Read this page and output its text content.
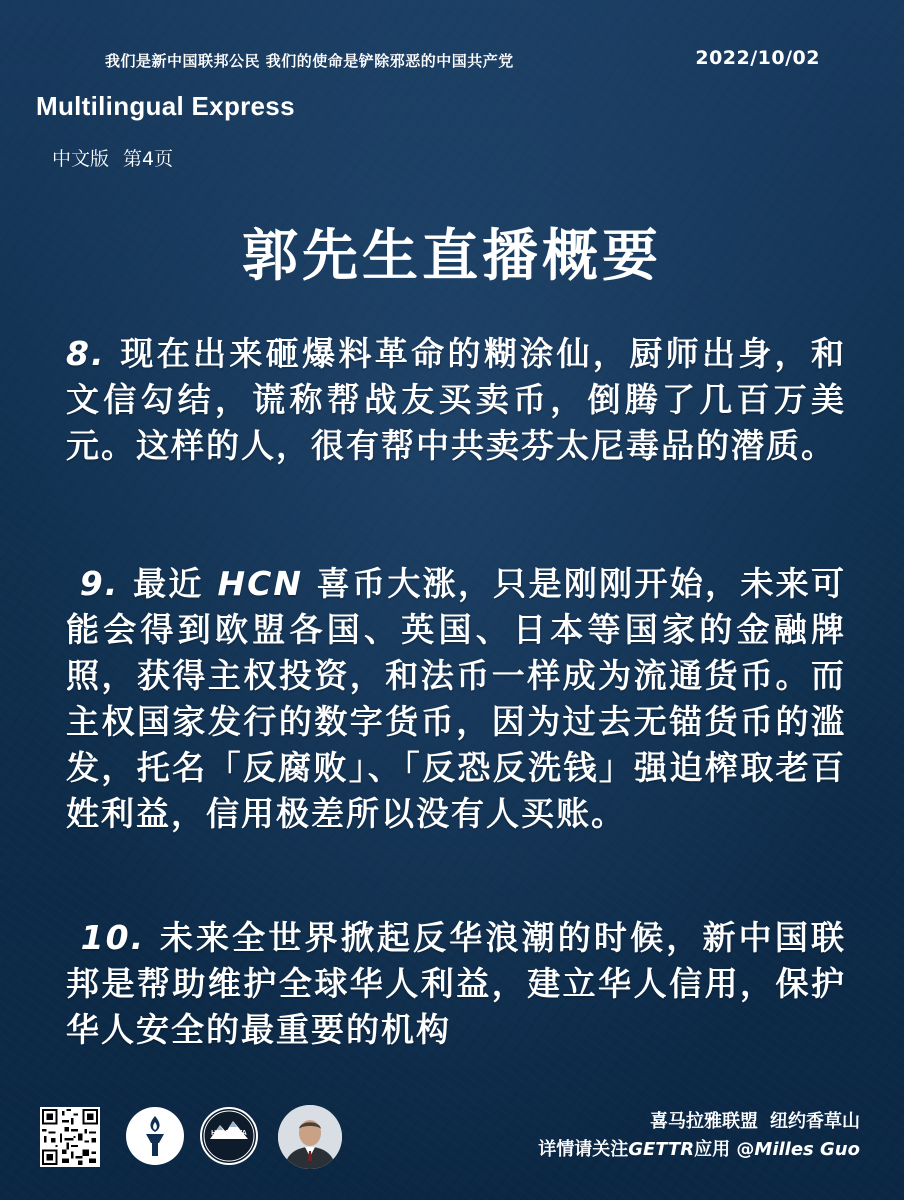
我们是新中国联邦公民 我们的使命是铲除邪恶的中国共产党	2022/10/02
Multilingual Express
中文版 第4页
郭先生直播概要
8. 现在出来砸爆料革命的糊涂仙，厨师出身，和文信勾结，谎称帮战友买卖币，倒腾了几百万美元。这样的人，很有帮中共卖芬太尼毒品的潜质。
9. 最近 HCN 喜币大涨，只是刚刚开始，未来可能会得到欧盟各国、英国、日本等国家的金融牌照，获得主权投资，和法币一样成为流通货币。而主权国家发行的数字货币，因为过去无锚货币的滥发，托名「反腐败」、「反恐反洗钱」强迫榨取老百姓利益，信用极差所以没有人买账。
10. 未来全世界掀起反华浪潮的时候，新中国联邦是帮助维护全球华人利益，建立华人信用，保护华人安全的最重要的机构
HIMALAYA
喜马拉雅联盟 纽约香草山
详情请关注GETTR应用 @Milles Guo
